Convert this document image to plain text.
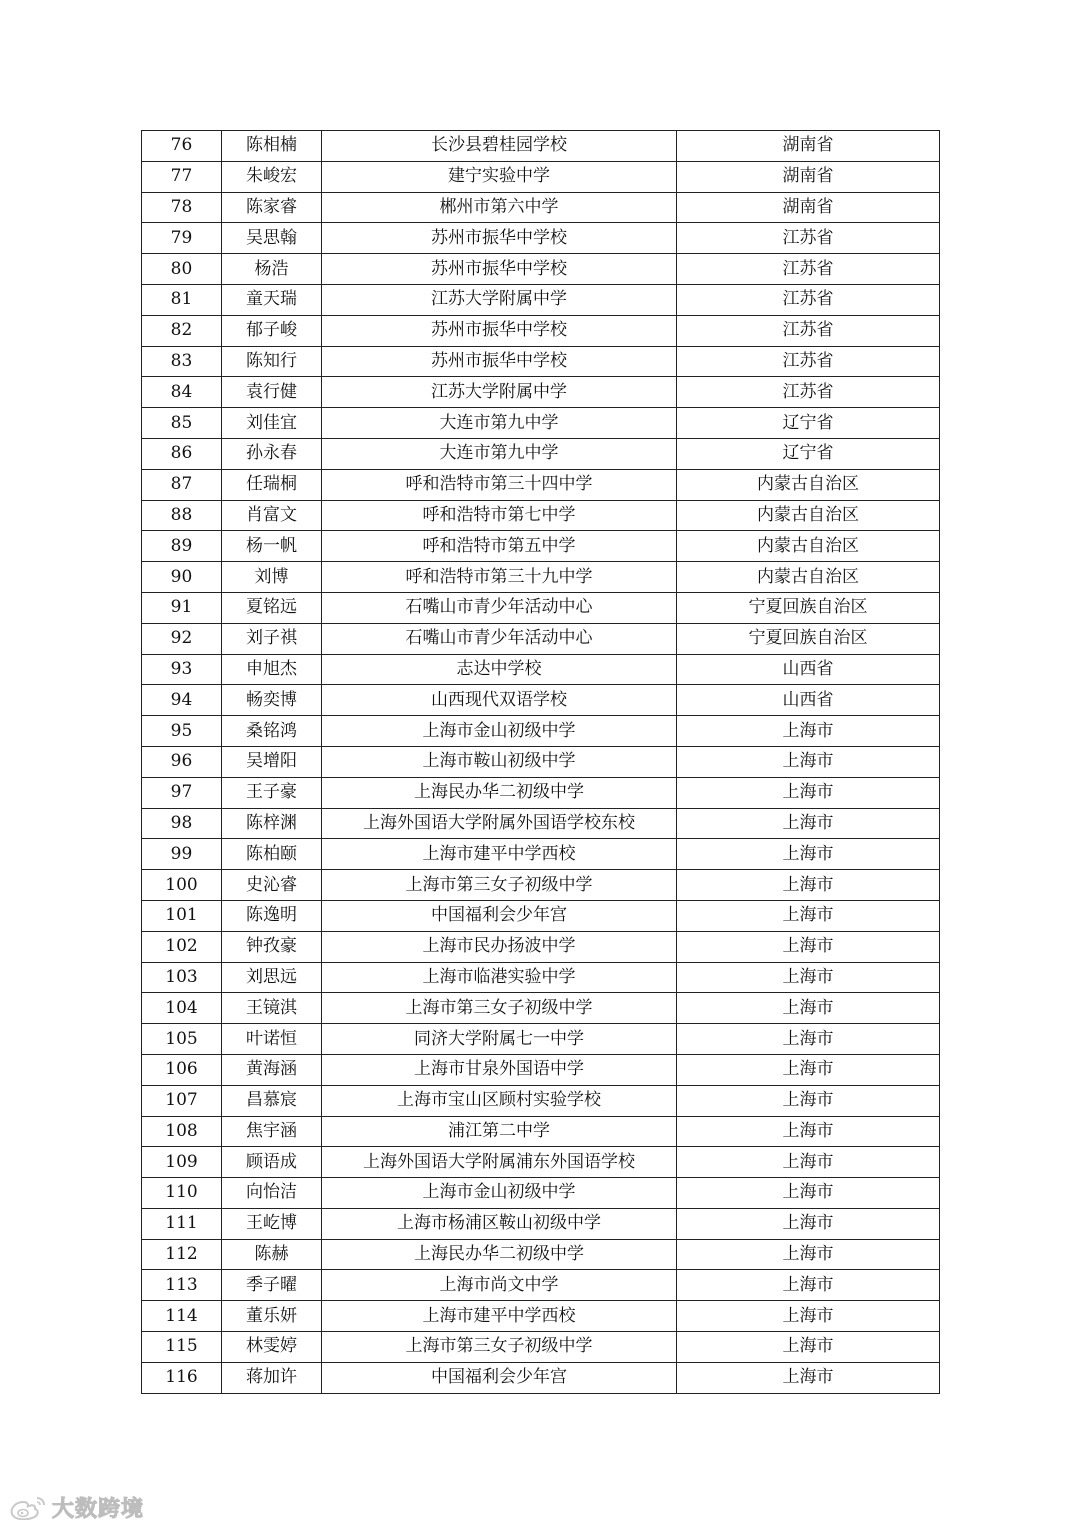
76	陈相楠	长沙县碧桂园学校	湖南省
77	朱峻宏	建宁实验中学	湖南省
78	陈家睿	郴州市第六中学	湖南省
79	吴思翰	苏州市振华中学校	江苏省
80	杨浩	苏州市振华中学校	江苏省
81	童天瑞	江苏大学附属中学	江苏省
82	郁子峻	苏州市振华中学校	江苏省
83	陈知行	苏州市振华中学校	江苏省
84	袁行健	江苏大学附属中学	江苏省
85	刘佳宜	大连市第九中学	辽宁省
86	孙永春	大连市第九中学	辽宁省
87	任瑞桐	呼和浩特市第三十四中学	内蒙古自治区
88	肖富文	呼和浩特市第七中学	内蒙古自治区
89	杨一帆	呼和浩特市第五中学	内蒙古自治区
90	刘博	呼和浩特市第三十九中学	内蒙古自治区
91	夏铭远	石嘴山市青少年活动中心	宁夏回族自治区
92	刘子祺	石嘴山市青少年活动中心	宁夏回族自治区
93	申旭杰	志达中学校	山西省
94	畅奕博	山西现代双语学校	山西省
95	桑铭鸿	上海市金山初级中学	上海市
96	吴增阳	上海市鞍山初级中学	上海市
97	王子豪	上海民办华二初级中学	上海市
98	陈梓渊	上海外国语大学附属外国语学校东校	上海市
99	陈柏颐	上海市建平中学西校	上海市
100	史沁睿	上海市第三女子初级中学	上海市
101	陈逸明	中国福利会少年宫	上海市
102	钟孜豪	上海市民办扬波中学	上海市
103	刘思远	上海市临港实验中学	上海市
104	王镜淇	上海市第三女子初级中学	上海市
105	叶诺恒	同济大学附属七一中学	上海市
106	黄海涵	上海市甘泉外国语中学	上海市
107	昌慕宸	上海市宝山区顾村实验学校	上海市
108	焦宇涵	浦江第二中学	上海市
109	顾语成	上海外国语大学附属浦东外国语学校	上海市
110	向怡洁	上海市金山初级中学	上海市
111	王屹博	上海市杨浦区鞍山初级中学	上海市
112	陈赫	上海民办华二初级中学	上海市
113	季子曜	上海市尚文中学	上海市
114	董乐妍	上海市建平中学西校	上海市
115	林雯婷	上海市第三女子初级中学	上海市
116	蒋加许	中国福利会少年宫	上海市
大数跨境
